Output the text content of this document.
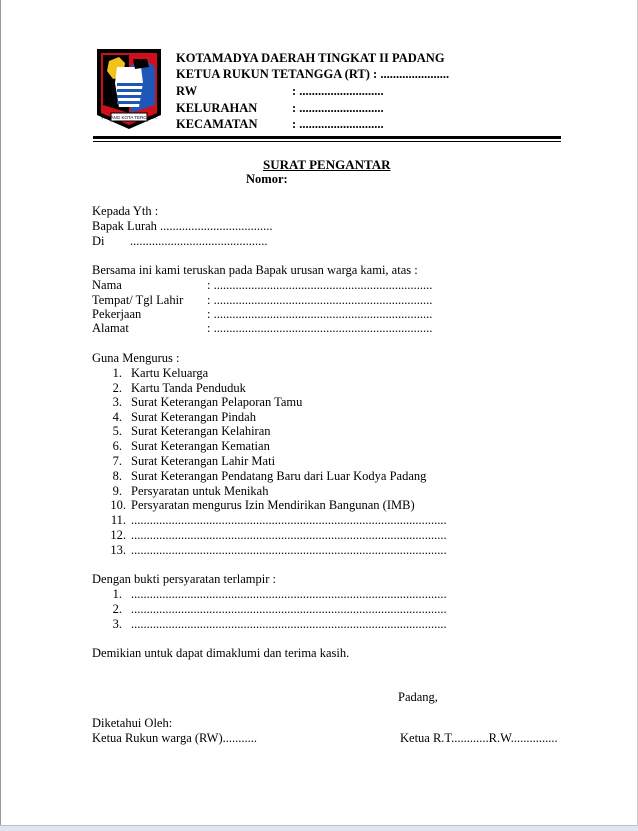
PADANG KOTA TERCINTA
KOTAMADYA DAERAH TINGKAT II PADANG
KETUA RUKUN TETANGGA (RT) : ......................
RW	: ...........................
KELURAHAN	: ...........................
KECAMATAN	: ...........................
SURAT PENGANTAR
Nomor:
Kepada Yth :
Bapak Lurah ....................................
Di ............................................
Bersama ini kami teruskan pada Bapak urusan warga kami, atas :
Nama	: ......................................................................
Tempat/ Tgl Lahir : ......................................................................
Pekerjaan	: ......................................................................
Alamat	: ......................................................................
Guna Mengurus :
1. Kartu Keluarga
2. Kartu Tanda Penduduk
3. Surat Keterangan Pelaporan Tamu
4. Surat Keterangan Pindah
5. Surat Keterangan Kelahiran
6. Surat Keterangan Kematian
7. Surat Keterangan Lahir Mati
8. Surat Keterangan Pendatang Baru dari Luar Kodya Padang
9. Persyaratan untuk Menikah
10. Persyaratan mengurus Izin Mendirikan Bangunan (IMB)
11. .....................................................................................................
12. .....................................................................................................
13. .....................................................................................................
Dengan bukti persyaratan terlampir :
1. .....................................................................................................
2. .....................................................................................................
3. .....................................................................................................
Demikian untuk dapat dimaklumi dan terima kasih.
Padang,
Diketahui Oleh:
Ketua Rukun warga (RW)...........	Ketua R.T............R.W...............
